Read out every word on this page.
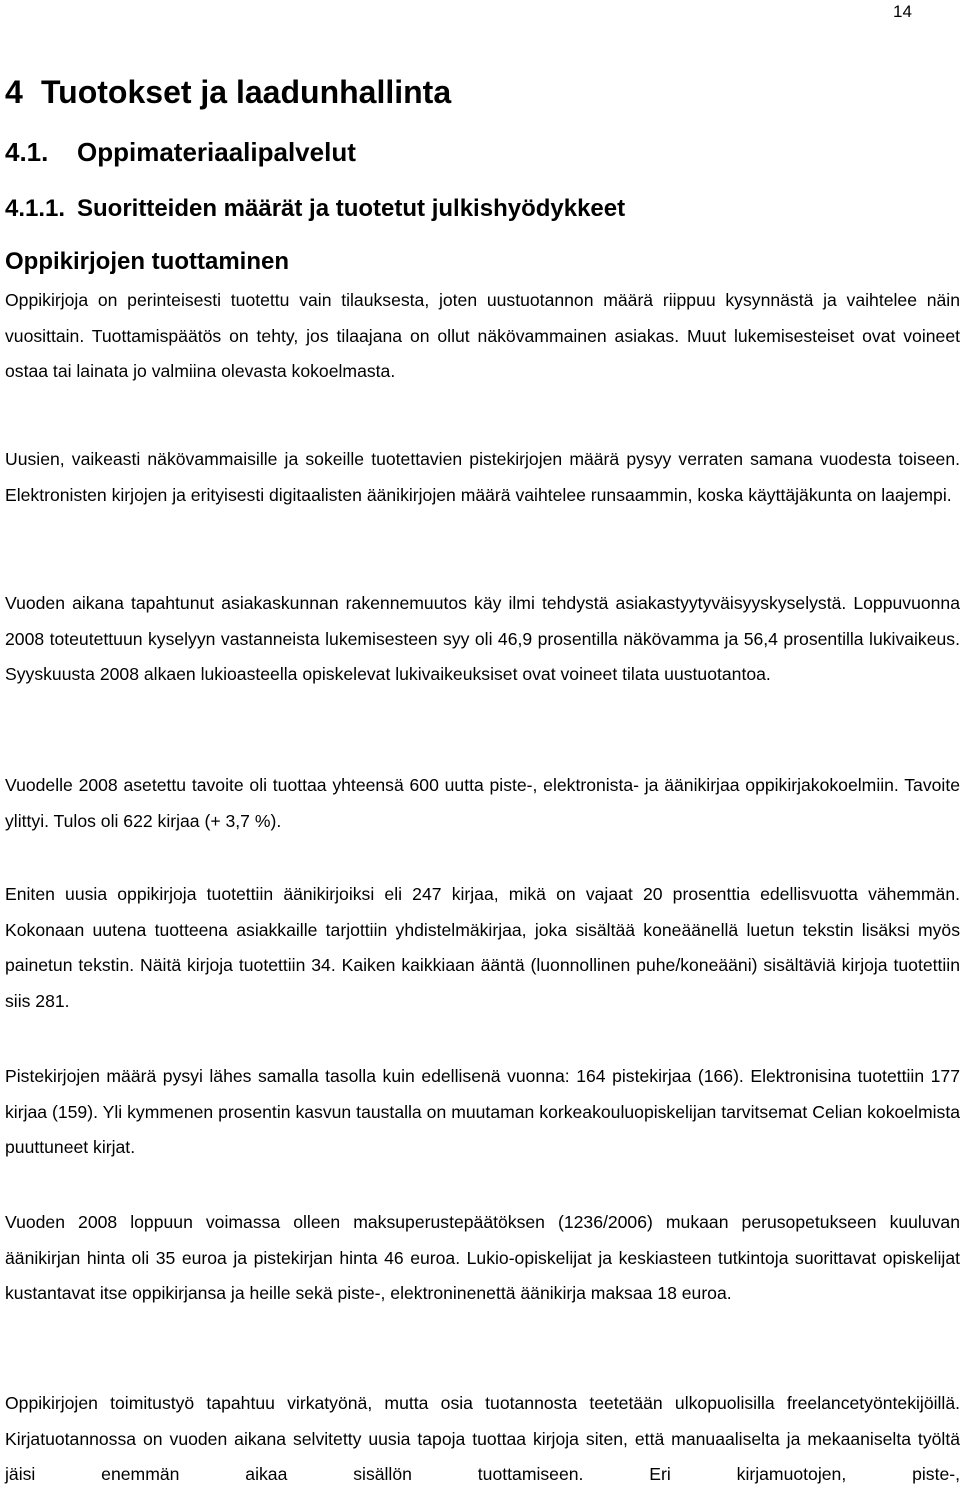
14
4 Tuotokset ja laadunhallinta
4.1. Oppimateriaalipalvelut
4.1.1. Suoritteiden määrät ja tuotetut julkishyödykkeet
Oppikirjojen tuottaminen

Oppikirjoja on perinteisesti tuotettu vain tilauksesta, joten uustuotannon määrä riippuu kysynnästä ja vaihtelee näin vuosittain. Tuottamispäätös on tehty, jos tilaajana on ollut näkövammainen asiakas. Muut lukemisesteiset ovat voineet ostaa tai lainata jo valmiina olevasta kokoelmasta.

Uusien, vaikeasti näkövammaisille ja sokeille tuotettavien pistekirjojen määrä pysyy verraten samana vuodesta toiseen. Elektronisten kirjojen ja erityisesti digitaalisten äänikirjojen määrä vaihtelee runsaammin, koska käyttäjäkunta on laajempi.

Vuoden aikana tapahtunut asiakaskunnan rakennemuutos käy ilmi tehdystä asiakastyytyväisyyskyselystä. Loppuvuonna 2008 toteutettuun kyselyyn vastanneista lukemisesteen syy oli 46,9 prosentilla näkövamma ja 56,4 prosentilla lukivaikeus. Syyskuusta 2008 alkaen lukioasteella opiskelevat lukivaikeuksiset ovat voineet tilata uustuotantoa.

Vuodelle 2008 asetettu tavoite oli tuottaa yhteensä 600 uutta piste-, elektronista- ja äänikirjaa oppikirjakokoelmiin. Tavoite ylittyi. Tulos oli 622 kirjaa (+ 3,7 %).

Eniten uusia oppikirjoja tuotettiin äänikirjoiksi eli 247 kirjaa, mikä on vajaat 20 prosenttia edellisvuotta vähemmän. Kokonaan uutena tuotteena asiakkaille tarjottiin yhdistelmäkirjaa, joka sisältää koneäänellä luetun tekstin lisäksi myös painetun tekstin. Näitä kirjoja tuotettiin 34. Kaiken kaikkiaan ääntä (luonnollinen puhe/koneääni) sisältäviä kirjoja tuotettiin siis 281.

Pistekirjojen määrä pysyi lähes samalla tasolla kuin edellisenä vuonna: 164 pistekirjaa (166). Elektronisina tuotettiin 177 kirjaa (159). Yli kymmenen prosentin kasvun taustalla on muutaman korkeakouluopiskelijan tarvitsemat Celian kokoelmista puuttuneet kirjat.

Vuoden 2008 loppuun voimassa olleen maksuperustepäätöksen (1236/2006) mukaan perusopetukseen kuuluvan äänikirjan hinta oli 35 euroa ja pistekirjan hinta 46 euroa. Lukio-opiskelijat ja keskiasteen tutkintoja suorittavat opiskelijat kustantavat itse oppikirjansa ja heille sekä piste-, elektroninenettä äänikirja maksaa 18 euroa.

Oppikirjojen toimitustyö tapahtuu virkatyönä, mutta osia tuotannosta teetetään ulkopuolisilla freelancetyöntekijöillä. Kirjatuotannossa on vuoden aikana selvitetty uusia tapoja tuottaa kirjoja siten, että manuaaliselta ja mekaaniselta työltä jäisi enemmän aikaa sisällön tuottamiseen. Eri kirjamuotojen, piste-,
